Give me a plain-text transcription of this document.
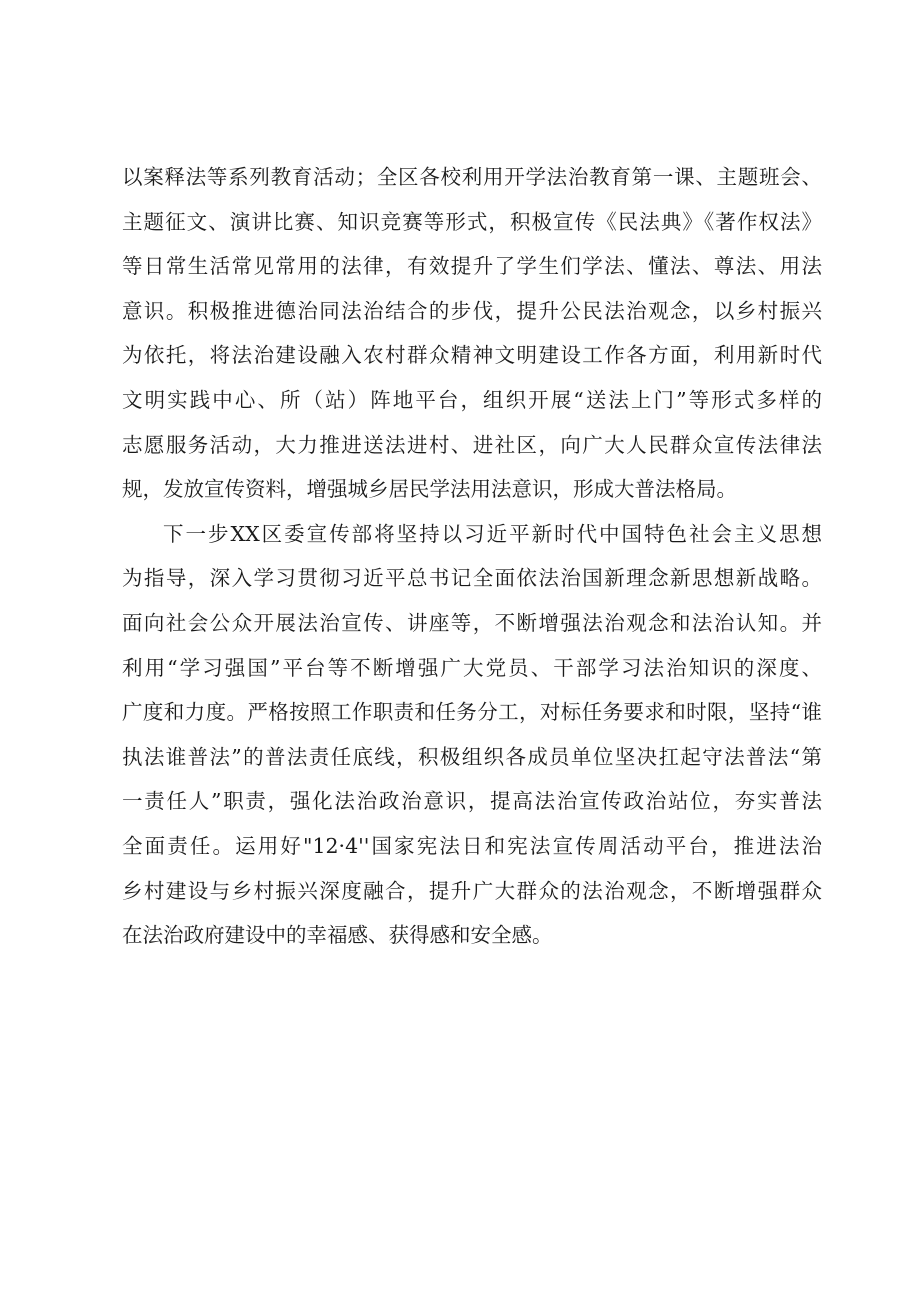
以案释法等系列教育活动；全区各校利用开学法治教育第一课、主题班会、
主题征文、演讲比赛、知识竞赛等形式，积极宣传《民法典》《著作权法》
等日常生活常见常用的法律，有效提升了学生们学法、懂法、尊法、用法
意识。积极推进德治同法治结合的步伐，提升公民法治观念，以乡村振兴
为依托，将法治建设融入农村群众精神文明建设工作各方面，利用新时代
文明实践中心、所（站）阵地平台，组织开展“送法上门”等形式多样的
志愿服务活动，大力推进送法进村、进社区，向广大人民群众宣传法律法
规，发放宣传资料，增强城乡居民学法用法意识，形成大普法格局。
下一步XX区委宣传部将坚持以习近平新时代中国特色社会主义思想
为指导，深入学习贯彻习近平总书记全面依法治国新理念新思想新战略。
面向社会公众开展法治宣传、讲座等，不断增强法治观念和法治认知。并
利用“学习强国”平台等不断增强广大党员、干部学习法治知识的深度、
广度和力度。严格按照工作职责和任务分工，对标任务要求和时限，坚持“谁
执法谁普法”的普法责任底线，积极组织各成员单位坚决扛起守法普法“第
一责任人”职责，强化法治政治意识，提高法治宣传政治站位，夯实普法
全面责任。运用好"12·4''国家宪法日和宪法宣传周活动平台，推进法治
乡村建设与乡村振兴深度融合，提升广大群众的法治观念，不断增强群众
在法治政府建设中的幸福感、获得感和安全感。
